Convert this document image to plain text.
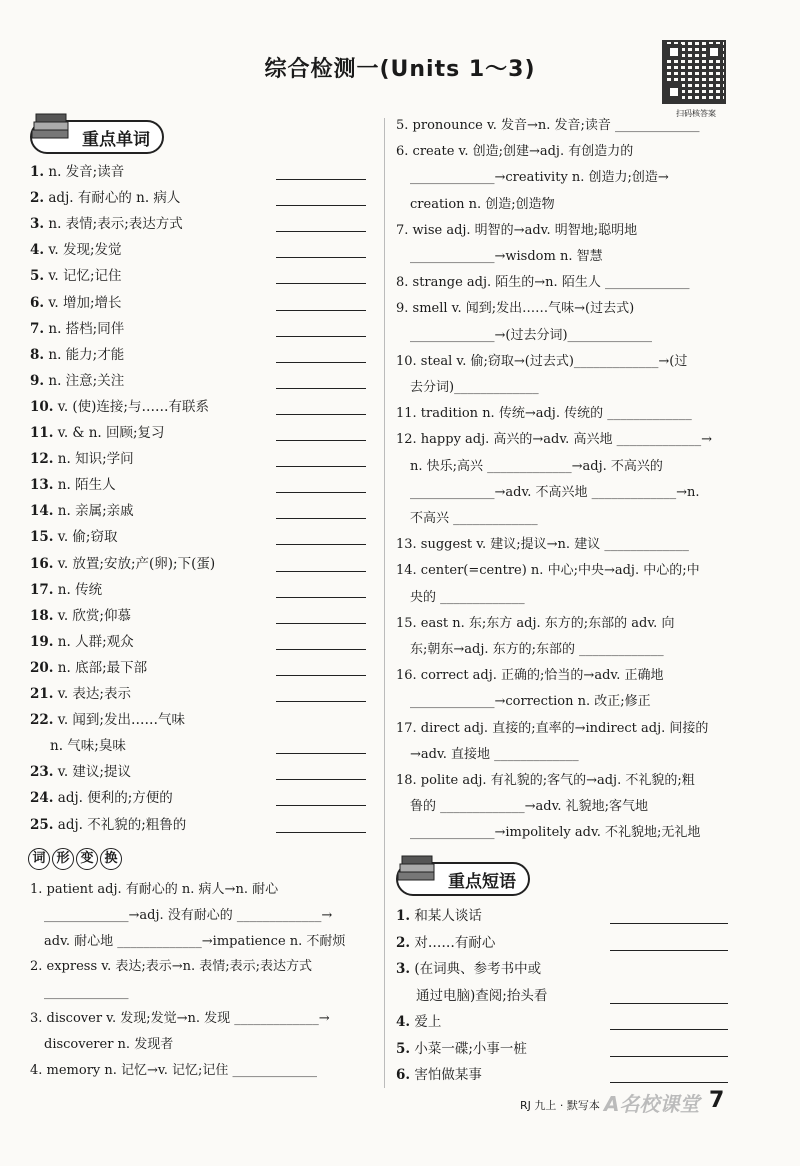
综合检测一(Units 1～3)
扫码核答案
重点单词
1. n. 发音;读音
2. adj. 有耐心的 n. 病人
3. n. 表情;表示;表达方式
4. v. 发现;发觉
5. v. 记忆;记住
6. v. 增加;增长
7. n. 搭档;同伴
8. n. 能力;才能
9. n. 注意;关注
10. v. (使)连接;与……有联系
11. v. & n. 回顾;复习
12. n. 知识;学问
13. n. 陌生人
14. n. 亲属;亲戚
15. v. 偷;窃取
16. v. 放置;安放;产(卵);下(蛋)
17. n. 传统
18. v. 欣赏;仰慕
19. n. 人群;观众
20. n. 底部;最下部
21. v. 表达;表示
22. v. 闻到;发出……气味
n. 气味;臭味
23. v. 建议;提议
24. adj. 便利的;方便的
25. adj. 不礼貌的;粗鲁的
词 形 变 换
1. patient adj. 有耐心的 n. 病人→n. 耐心
_____________→adj. 没有耐心的 _____________→
adv. 耐心地 _____________→impatience n. 不耐烦
2. express v. 表达;表示→n. 表情;表示;表达方式
_____________
3. discover v. 发现;发觉→n. 发现 _____________→
discoverer n. 发现者
4. memory n. 记忆→v. 记忆;记住 _____________
5. pronounce v. 发音→n. 发音;读音 _____________
6. create v. 创造;创建→adj. 有创造力的
_____________→creativity n. 创造力;创造→
creation n. 创造;创造物
7. wise adj. 明智的→adv. 明智地;聪明地
_____________→wisdom n. 智慧
8. strange adj. 陌生的→n. 陌生人 _____________
9. smell v. 闻到;发出……气味→(过去式)
_____________→(过去分词)_____________
10. steal v. 偷;窃取→(过去式)_____________→(过
去分词)_____________
11. tradition n. 传统→adj. 传统的 _____________
12. happy adj. 高兴的→adv. 高兴地 _____________→
n. 快乐;高兴 _____________→adj. 不高兴的
_____________→adv. 不高兴地 _____________→n.
不高兴 _____________
13. suggest v. 建议;提议→n. 建议 _____________
14. center(=centre) n. 中心;中央→adj. 中心的;中
央的 _____________
15. east n. 东;东方 adj. 东方的;东部的 adv. 向
东;朝东→adj. 东方的;东部的 _____________
16. correct adj. 正确的;恰当的→adv. 正确地
_____________→correction n. 改正;修正
17. direct adj. 直接的;直率的→indirect adj. 间接的
→adv. 直接地 _____________
18. polite adj. 有礼貌的;客气的→adj. 不礼貌的;粗
鲁的 _____________→adv. 礼貌地;客气地
_____________→impolitely adv. 不礼貌地;无礼地
重点短语
1. 和某人谈话
2. 对……有耐心
3. (在词典、参考书中或
通过电脑)查阅;抬头看
4. 爱上
5. 小菜一碟;小事一桩
6. 害怕做某事
RJ 九上 · 默写本 A名校课堂 7
